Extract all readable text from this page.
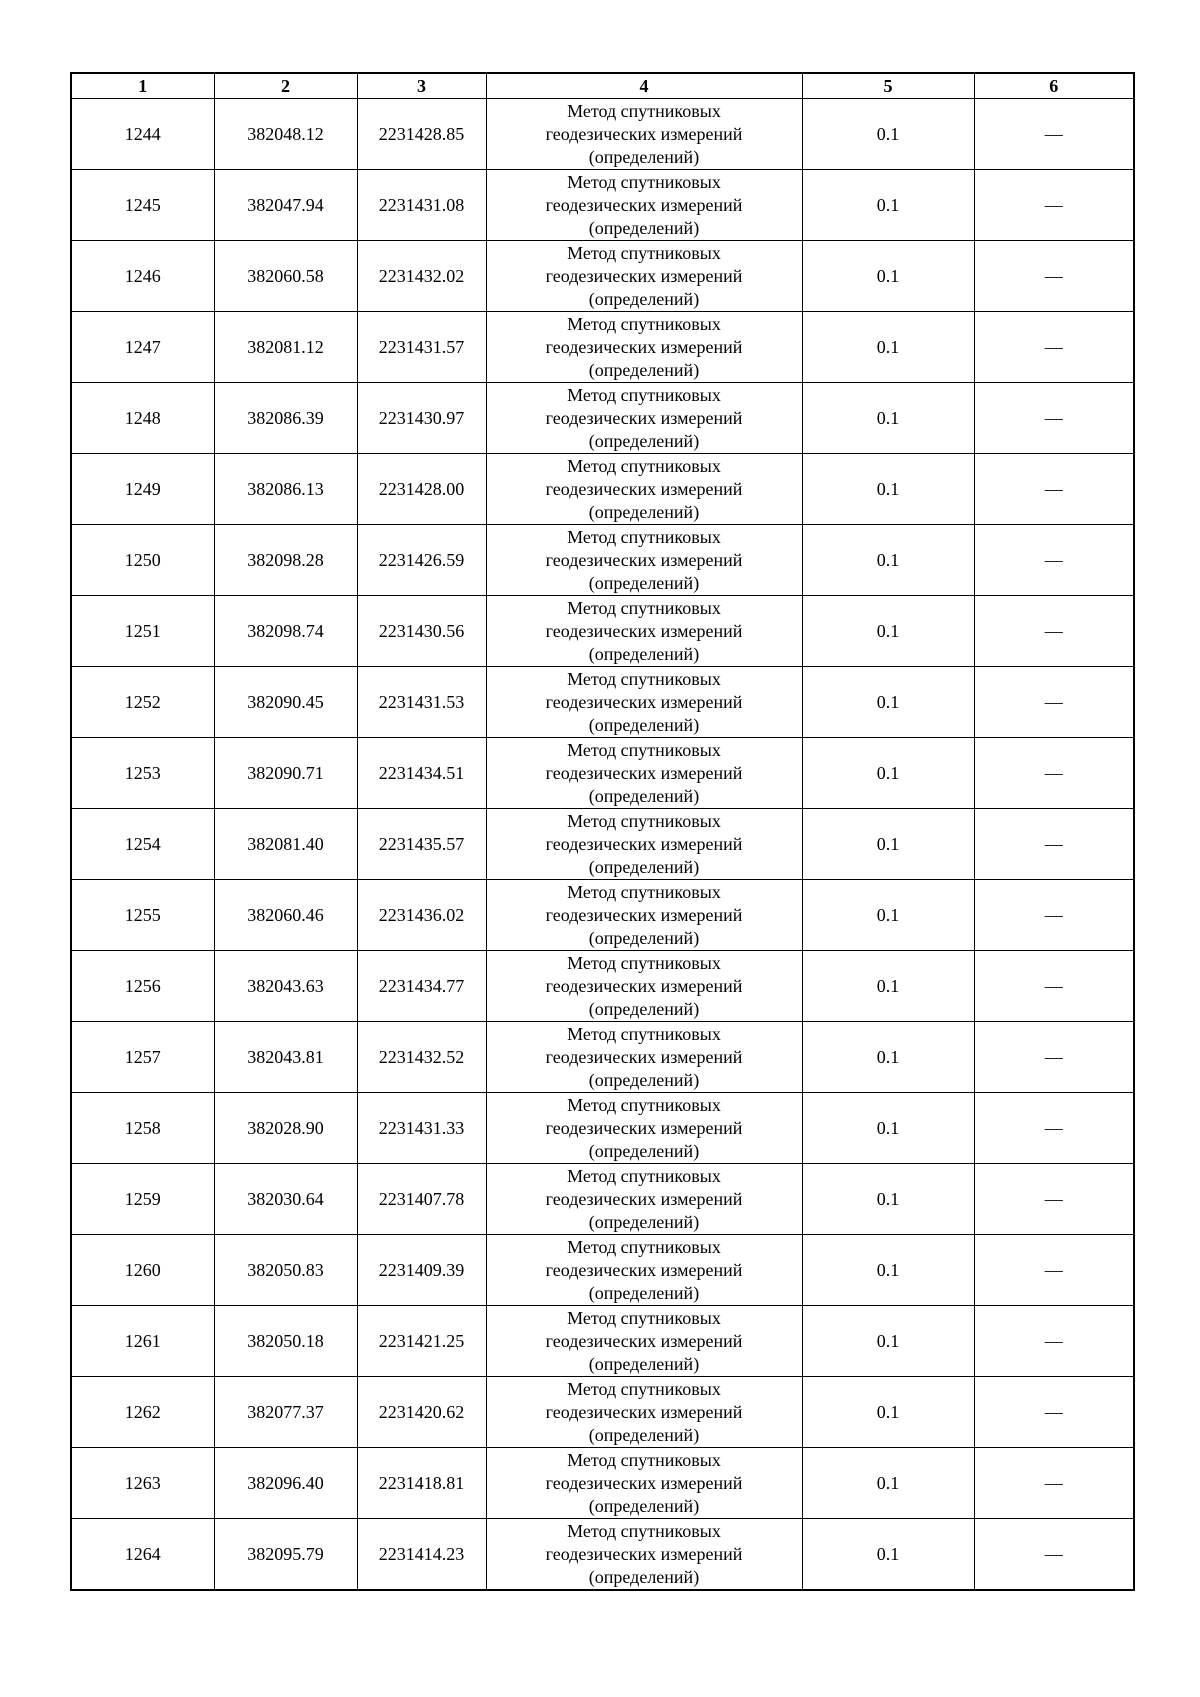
1	2	3	4	5	6
1244	382048.12	2231428.85	Метод спутниковых
геодезических измерений
(определений)	0.1	—
1245	382047.94	2231431.08	Метод спутниковых
геодезических измерений
(определений)	0.1	—
1246	382060.58	2231432.02	Метод спутниковых
геодезических измерений
(определений)	0.1	—
1247	382081.12	2231431.57	Метод спутниковых
геодезических измерений
(определений)	0.1	—
1248	382086.39	2231430.97	Метод спутниковых
геодезических измерений
(определений)	0.1	—
1249	382086.13	2231428.00	Метод спутниковых
геодезических измерений
(определений)	0.1	—
1250	382098.28	2231426.59	Метод спутниковых
геодезических измерений
(определений)	0.1	—
1251	382098.74	2231430.56	Метод спутниковых
геодезических измерений
(определений)	0.1	—
1252	382090.45	2231431.53	Метод спутниковых
геодезических измерений
(определений)	0.1	—
1253	382090.71	2231434.51	Метод спутниковых
геодезических измерений
(определений)	0.1	—
1254	382081.40	2231435.57	Метод спутниковых
геодезических измерений
(определений)	0.1	—
1255	382060.46	2231436.02	Метод спутниковых
геодезических измерений
(определений)	0.1	—
1256	382043.63	2231434.77	Метод спутниковых
геодезических измерений
(определений)	0.1	—
1257	382043.81	2231432.52	Метод спутниковых
геодезических измерений
(определений)	0.1	—
1258	382028.90	2231431.33	Метод спутниковых
геодезических измерений
(определений)	0.1	—
1259	382030.64	2231407.78	Метод спутниковых
геодезических измерений
(определений)	0.1	—
1260	382050.83	2231409.39	Метод спутниковых
геодезических измерений
(определений)	0.1	—
1261	382050.18	2231421.25	Метод спутниковых
геодезических измерений
(определений)	0.1	—
1262	382077.37	2231420.62	Метод спутниковых
геодезических измерений
(определений)	0.1	—
1263	382096.40	2231418.81	Метод спутниковых
геодезических измерений
(определений)	0.1	—
1264	382095.79	2231414.23	Метод спутниковых
геодезических измерений
(определений)	0.1	—
